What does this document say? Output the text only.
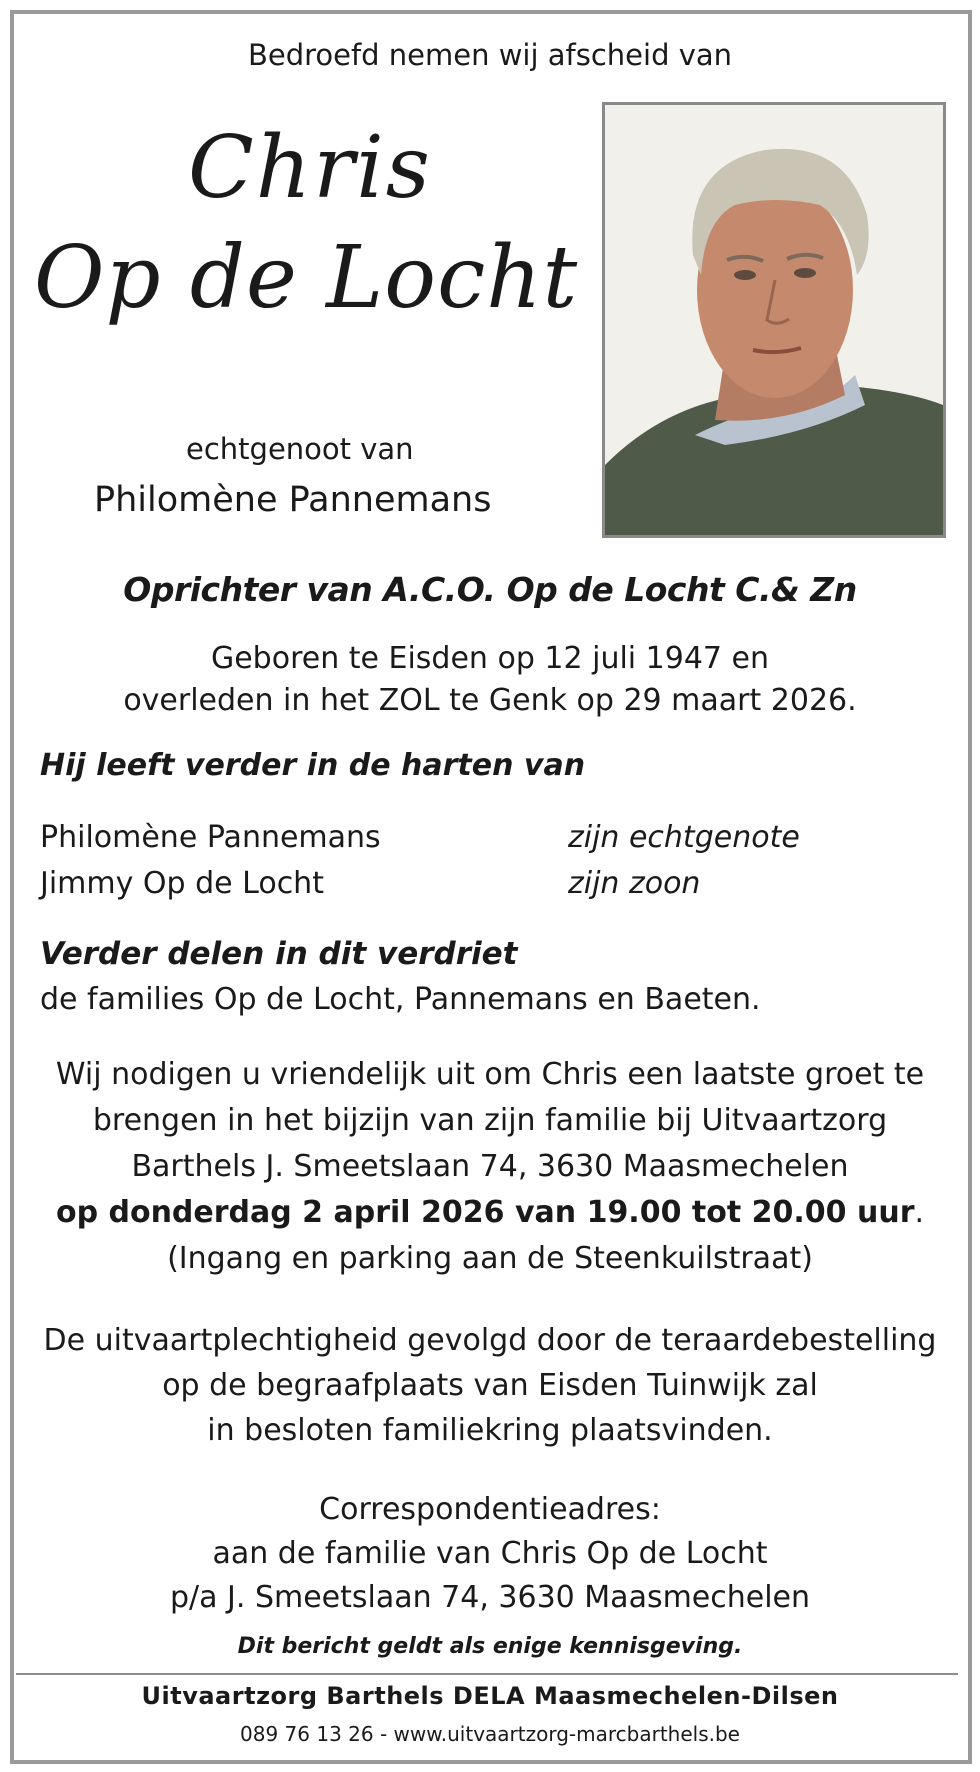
Bedroefd nemen wij afscheid van
Chris
Op de Locht
echtgenoot van
Philomène Pannemans
Oprichter van A.C.O. Op de Locht C.& Zn
Geboren te Eisden op 12 juli 1947 en
overleden in het ZOL te Genk op 29 maart 2026.
Hij leeft verder in de harten van
Philomène Pannemans	zijn echtgenote
Jimmy Op de Locht	zijn zoon
Verder delen in dit verdriet
de families Op de Locht, Pannemans en Baeten.
Wij nodigen u vriendelijk uit om Chris een laatste groet te
brengen in het bijzijn van zijn familie bij Uitvaartzorg
Barthels J. Smeetslaan 74, 3630 Maasmechelen
op donderdag 2 april 2026 van 19.00 tot 20.00 uur.
(Ingang en parking aan de Steenkuilstraat)
De uitvaartplechtigheid gevolgd door de teraardebestelling
op de begraafplaats van Eisden Tuinwijk zal
in besloten familiekring plaatsvinden.
Correspondentieadres:
aan de familie van Chris Op de Locht
p/a J. Smeetslaan 74, 3630 Maasmechelen
Dit bericht geldt als enige kennisgeving.
Uitvaartzorg Barthels DELA Maasmechelen-Dilsen
089 76 13 26 - www.uitvaartzorg-marcbarthels.be
